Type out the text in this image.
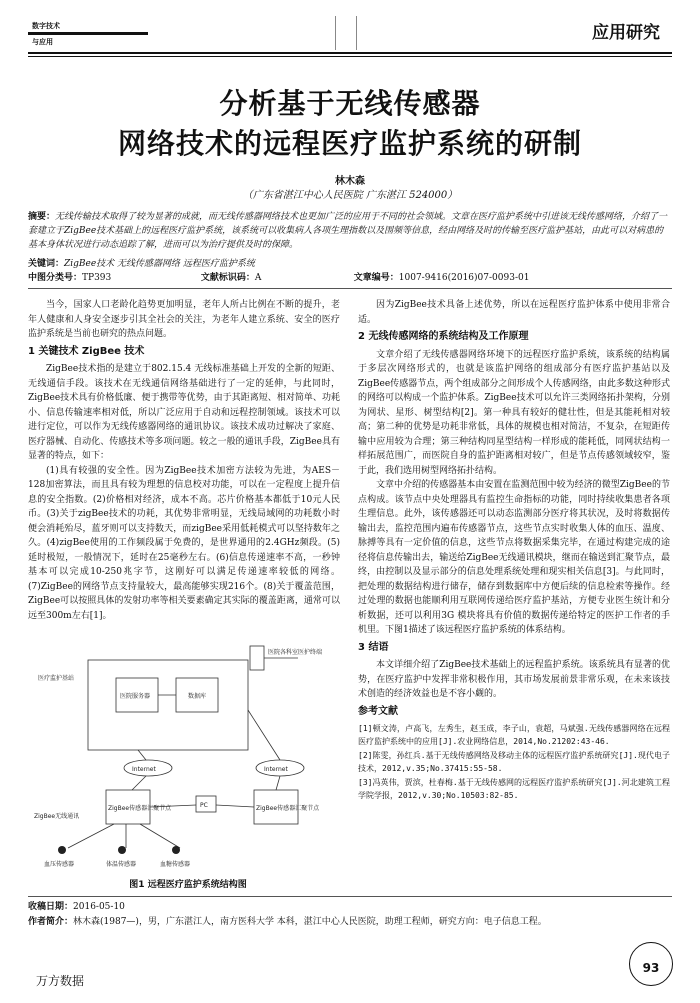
数字技术
与应用	应用研究
分析基于无线传感器
网络技术的远程医疗监护系统的研制
林木森
（广东省湛江中心人民医院 广东湛江 524000）
摘要：无线传输技术取得了较为显著的成就，而无线传感器网络技术也更加广泛的应用于不同的社会领域。文章在医疗监护系统中引进该无线传感网络，介绍了一套建立于ZigBee技术基础上的远程医疗监护系统，该系统可以收集病人各项生理指数以及围频等信息，经由网络及时的传输至医疗监护基站，由此可以对病患的基本身体状况进行动态追踪了解，进而可以为治疗提供及时的保障。
关键词：ZigBee技术 无线传感器网络 远程医疗监护系统
中图分类号：TP393	文献标识码：A	文章编号：1007-9416(2016)07-0093-01

当今，国家人口老龄化趋势更加明显，老年人所占比例在不断的提升，老年人健康和人身安全逐步引其全社会的关注，为老年人建立系统、安全的医疗监护系统是当前也研究的热点问题。

1 关键技术 ZigBee 技术

ZigBee技术指的是建立于802.15.4 无线标准基础上开发的全新的短距、无线通信手段。该技术在无线通信网络基础进行了一定的延伸，与此同时，ZigBee技术具有价格低廉、便于携带等优势，由于其距离短、相对简单、功耗小、信息传输速率相对低，所以广泛应用于自动和远程控制领域。该技术可以进行定位，可以作为无线传感器网络的通讯协议。该技术成功过解决了家庭、医疗器械、自动化、传感技术等多项问题。较之一般的通讯手段，ZigBee具有显著的特点，如下：

(1)具有较强的安全性。因为ZigBee技术加密方法较为先进，为AES－128加密算法，而且具有较为理想的信息校对功能，可以在一定程度上提升信息的安全指数。(2)价格相对经济，成本不高。芯片价格基本都低于10元人民币。(3)关于zigBee技术的功耗，其优势非常明显，无线局域网的功耗数小时便会消耗殆尽，蓝牙则可以支持数天，而zigBee采用低耗模式可以坚持数年之久。(4)zigBee使用的工作频段属于免费的，是世界通用的2.4GHz频段。(5)延时极短，一般情况下，延时在25毫秒左右。(6)信息传递速率不高，一秒钟基本可以完成10-250兆字节，这刚好可以满足传递速率较低的网络。(7)ZigBee的网络节点支持量较大，最高能够实现216个。(8)关于覆盖范围，ZigBee可以按照具体的发射功率等相关要素确定其实际的覆盖距离，通常可以远至300m左右[1]。

医院各科室医护终端
医疗监护基站
医院服务器	数据库
Internet	Internet
ZigBee传感器汇聚节点	ZigBee传感器汇聚节点
PC
ZigBee无线通讯
血压传感器	体温传感器	血糖传感器
图1 远程医疗监护系统结构图

因为ZigBee技术具备上述优势，所以在远程医疗监护体系中使用非常合适。

2 无线传感网络的系统结构及工作原理

文章介绍了无线传感器网络环境下的远程医疗监护系统，该系统的结构属于多层次网络形式的，也就是该监护网络的组成部分有医疗监护基站以及ZigBee传感器节点，两个组成部分之间形成个人传感网络，由此多数这种形式的网络可以构成一个监护体系。ZigBee技术可以允许三类网络拓扑架构，分别为网状、星形、树型结构[2]。第一种具有较好的健壮性，但是其能耗相对较高；第二种的优势是功耗非常低，具体的规模也相对简洁，不复杂，在短距传输中应用较为合理；第三种结构同星型结构一样形成的能耗低，同网状结构一样拓展范围广，而医院自身的监护距离相对较广，但是节点传感领域较窄，鉴于此，我们选用树型网络拓扑结构。

文章中介绍的传感器基本由安置在监测范围中较为经济的微型ZigBee的节点构成。该节点中央处理器具有监控生命指标的功能，同时持续收集患者各项生理信息。此外，该传感器还可以动态监测部分医疗将其状况，及时将数据传输出去，监控范围内遍布传感器节点，这些节点实时收集人体的血压、温度、脉搏等具有一定价值的信息，这些节点将数据采集完毕，在通过构建完成的途径将信息传输出去，输送给ZigBee无线通讯模块，继而在输送到汇聚节点，最终，由控制以及显示部分的信息处理系统处理和现实相关信息[3]。与此同时，把处理的数据结构进行储存，储存到数据库中方便后续的信息检索等操作。经过处理的数据也能顺利用互联网传递给医疗监护基站，方便专业医生统计和分析数据，还可以利用3G 模块将具有价值的数据传递给特定的医护工作者的手机里。下图1描述了该远程医疗监护系统的体系结构。

3 结语

本文详细介绍了ZigBee技术基础上的远程监护系统。该系统具有显著的优势，在医疗监护中发挥非常积极作用，其市场发展前景非常乐观，在未来该技术创造的经济效益也是不容小觑的。

参考文献
[1]顿文涛，卢高飞，左秀生，赵玉成，李子山，袁超，马斌强.无线传感器网络在远程医疗监护系统中的应用[J].农业网络信息，2014,No.21202:43-46.
[2]陈雯，孙红兵.基于无线传感网络及移动主体的远程医疗监护系统研究[J].现代电子技术，2012,v.35;No.37415:55-58.
[3]冯英伟，贾滨，杜春梅.基于无线传感网的远程医疗监护系统研究[J].河北建筑工程学院学报，2012,v.30;No.10503:82-85.
收稿日期：2016-05-10
作者简介：林木森(1987—)，男，广东湛江人，南方医科大学 本科，湛江中心人民医院，助理工程师，研究方向：电子信息工程。
93
万方数据
